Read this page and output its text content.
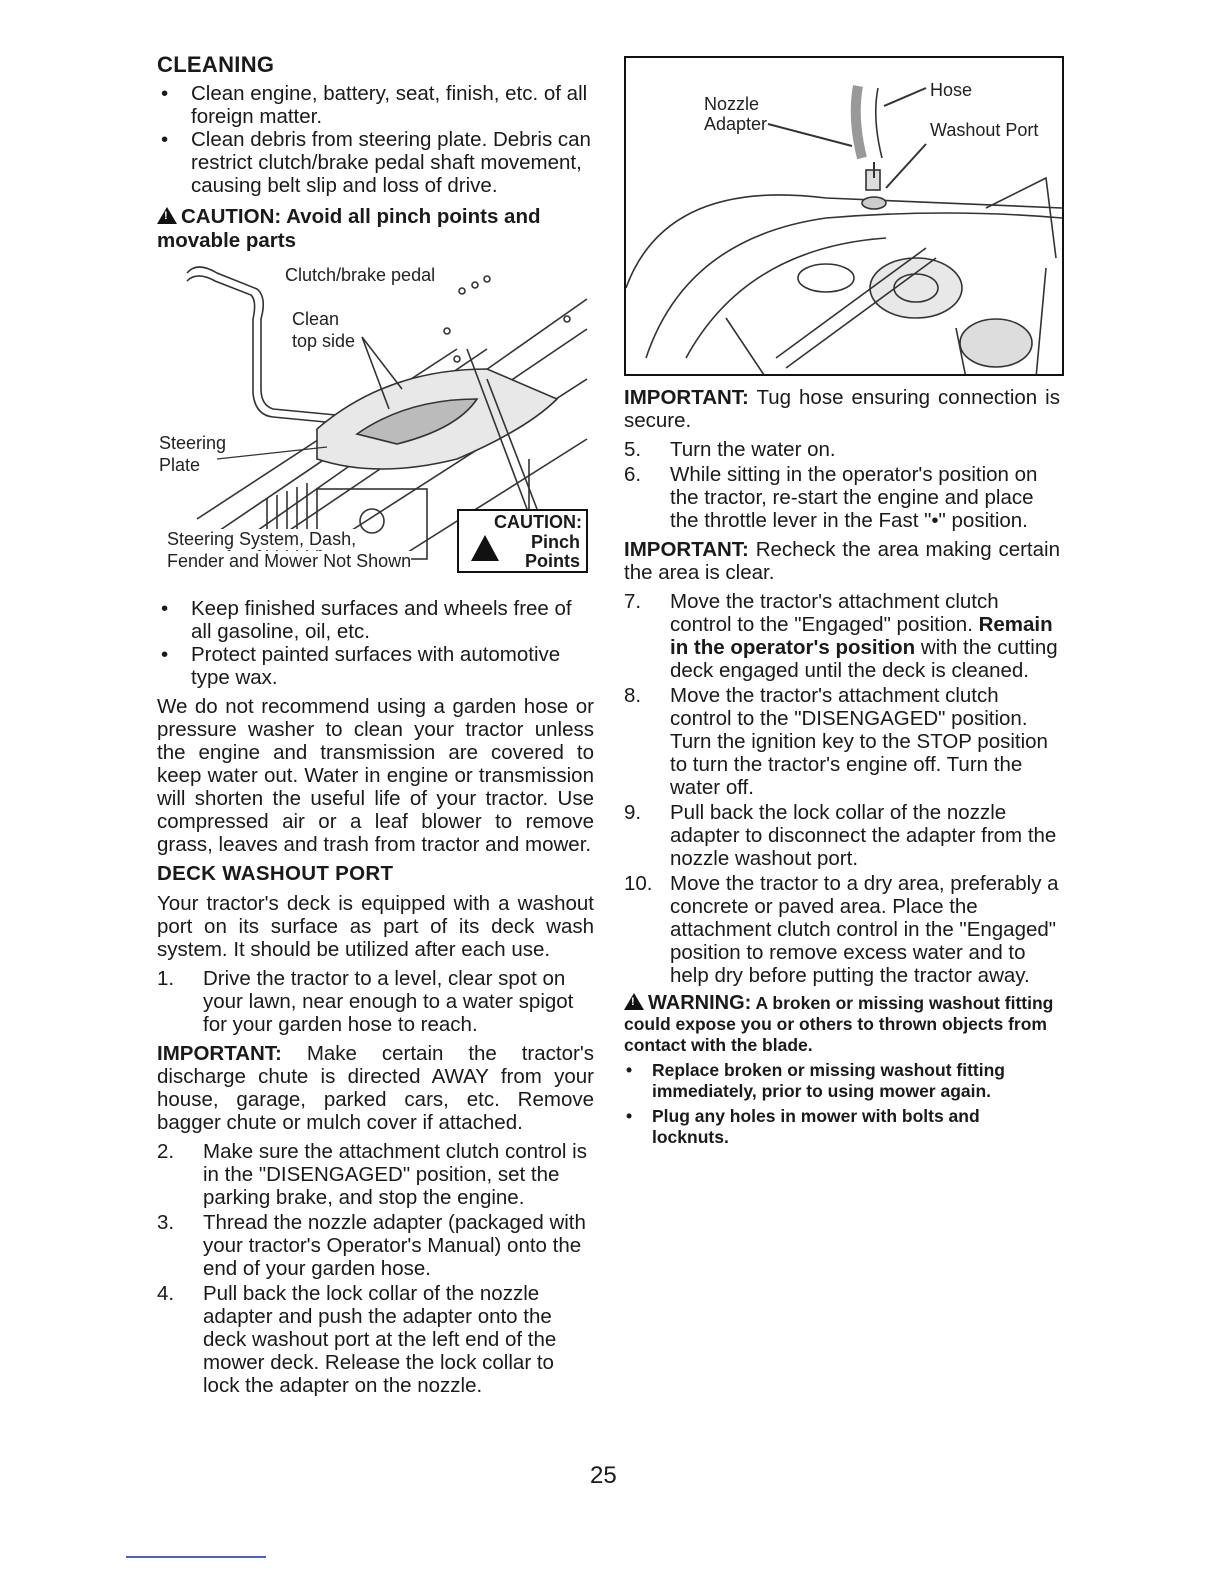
CLEANING

• Clean engine, battery, seat, finish, etc. of all foreign matter.

• Clean debris from steering plate. Debris can restrict clutch/brake pedal shaft movement, causing belt slip and loss of drive.

!CAUTION: Avoid all pinch points and movable parts
Clutch/brake pedal
Clean
top side
Steering
Plate
Steering System, Dash,
Fender and Mower Not Shown
CAUTION:
Pinch
Points

• Keep finished surfaces and wheels free of all gasoline, oil, etc.

• Protect painted surfaces with automotive type wax.

We do not recommend using a garden hose or pressure washer to clean your tractor unless the engine and transmission are covered to keep water out. Water in engine or transmission will shorten the useful life of your tractor. Use compressed air or a leaf blower to remove grass, leaves and trash from tractor and mower.

DECK WASHOUT PORT

Your tractor's deck is equipped with a washout port on its surface as part of its deck wash system. It should be utilized after each use.

1. Drive the tractor to a level, clear spot on your lawn, near enough to a water spigot for your garden hose to reach.

IMPORTANT: Make certain the tractor's discharge chute is directed AWAY from your house, garage, parked cars, etc. Remove bagger chute or mulch cover if attached.

2. Make sure the attachment clutch control is in the "DISENGAGED" position, set the parking brake, and stop the engine.

3. Thread the nozzle adapter (packaged with your tractor's Operator's Manual) onto the end of your garden hose.

4. Pull back the lock collar of the nozzle adapter and push the adapter onto the deck washout port at the left end of the mower deck. Release the lock collar to lock the adapter on the nozzle.

Nozzle
Adapter
Hose
Washout Port

IMPORTANT: Tug hose ensuring connection is secure.

5. Turn the water on.

6. While sitting in the operator's position on the tractor, re-start the engine and place the throttle lever in the Fast "•" position.

IMPORTANT: Recheck the area making certain the area is clear.

7. Move the tractor's attachment clutch control to the "Engaged" position. Remain in the operator's position with the cutting deck engaged until the deck is cleaned.

8. Move the tractor's attachment clutch control to the "DISENGAGED" position. Turn the ignition key to the STOP position to turn the tractor's engine off. Turn the water off.

9. Pull back the lock collar of the nozzle adapter to disconnect the adapter from the nozzle washout port.

10. Move the tractor to a dry area, preferably a concrete or paved area. Place the attachment clutch control in the "Engaged" position to remove excess water and to help dry before putting the tractor away.

!WARNING: A broken or missing washout fitting could expose you or others to thrown objects from contact with the blade.

• Replace broken or missing washout fitting immediately, prior to using mower again.

• Plug any holes in mower with bolts and locknuts.

25
